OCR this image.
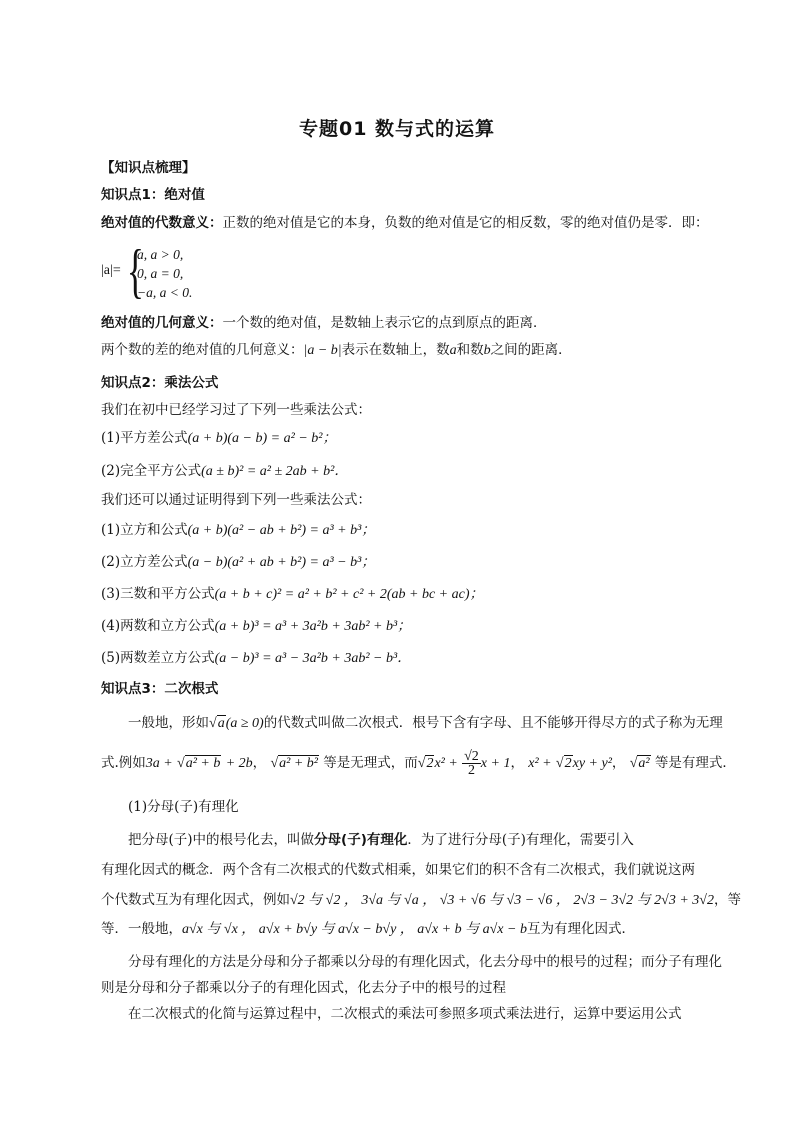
专题01 数与式的运算
【知识点梳理】
知识点1：绝对值
绝对值的代数意义：正数的绝对值是它的本身，负数的绝对值是它的相反数，零的绝对值仍是零．即：
|a|= {
a, a > 0,
0, a = 0,
−a, a < 0.
绝对值的几何意义：一个数的绝对值，是数轴上表示它的点到原点的距离．
两个数的差的绝对值的几何意义：|a − b|表示在数轴上，数a和数b之间的距离．
知识点2：乘法公式
我们在初中已经学习过了下列一些乘法公式：
(1)平方差公式(a + b)(a − b) = a² − b²；
(2)完全平方公式(a ± b)² = a² ± 2ab + b²．
我们还可以通过证明得到下列一些乘法公式：
(1)立方和公式(a + b)(a² − ab + b²) = a³ + b³；
(2)立方差公式(a − b)(a² + ab + b²) = a³ − b³；
(3)三数和平方公式(a + b + c)² = a² + b² + c² + 2(ab + bc + ac)；
(4)两数和立方公式(a + b)³ = a³ + 3a²b + 3ab² + b³；
(5)两数差立方公式(a − b)³ = a³ − 3a²b + 3ab² − b³．
知识点3：二次根式
一般地，形如√a(a ≥ 0)的代数式叫做二次根式．根号下含有字母、且不能够开得尽方的式子称为无理
式.例如3a + √a² + b + 2b， √a² + b² 等是无理式，而$√2x^2 + \frac{√2}{2}x + 1$， x² + √2xy + y²， √a² 等是有理式．
(1)分母(子)有理化
把分母(子)中的根号化去，叫做分母(子)有理化．为了进行分母(子)有理化，需要引入
有理化因式的概念．两个含有二次根式的代数式相乘，如果它们的积不含有二次根式，我们就说这两
个代数式互为有理化因式，例如√2 与 √2 ， 3√a 与 √a ， √3 + √6 与 √3 − √6 ， 2√3 − 3√2 与 2√3 + 3√2，等
等．一般地，a√x 与 √x ， a√x + b√y 与 a√x − b√y ， a√x + b 与 a√x − b互为有理化因式．
分母有理化的方法是分母和分子都乘以分母的有理化因式，化去分母中的根号的过程；而分子有理化
则是分母和分子都乘以分子的有理化因式，化去分子中的根号的过程
在二次根式的化简与运算过程中，二次根式的乘法可参照多项式乘法进行，运算中要运用公式
